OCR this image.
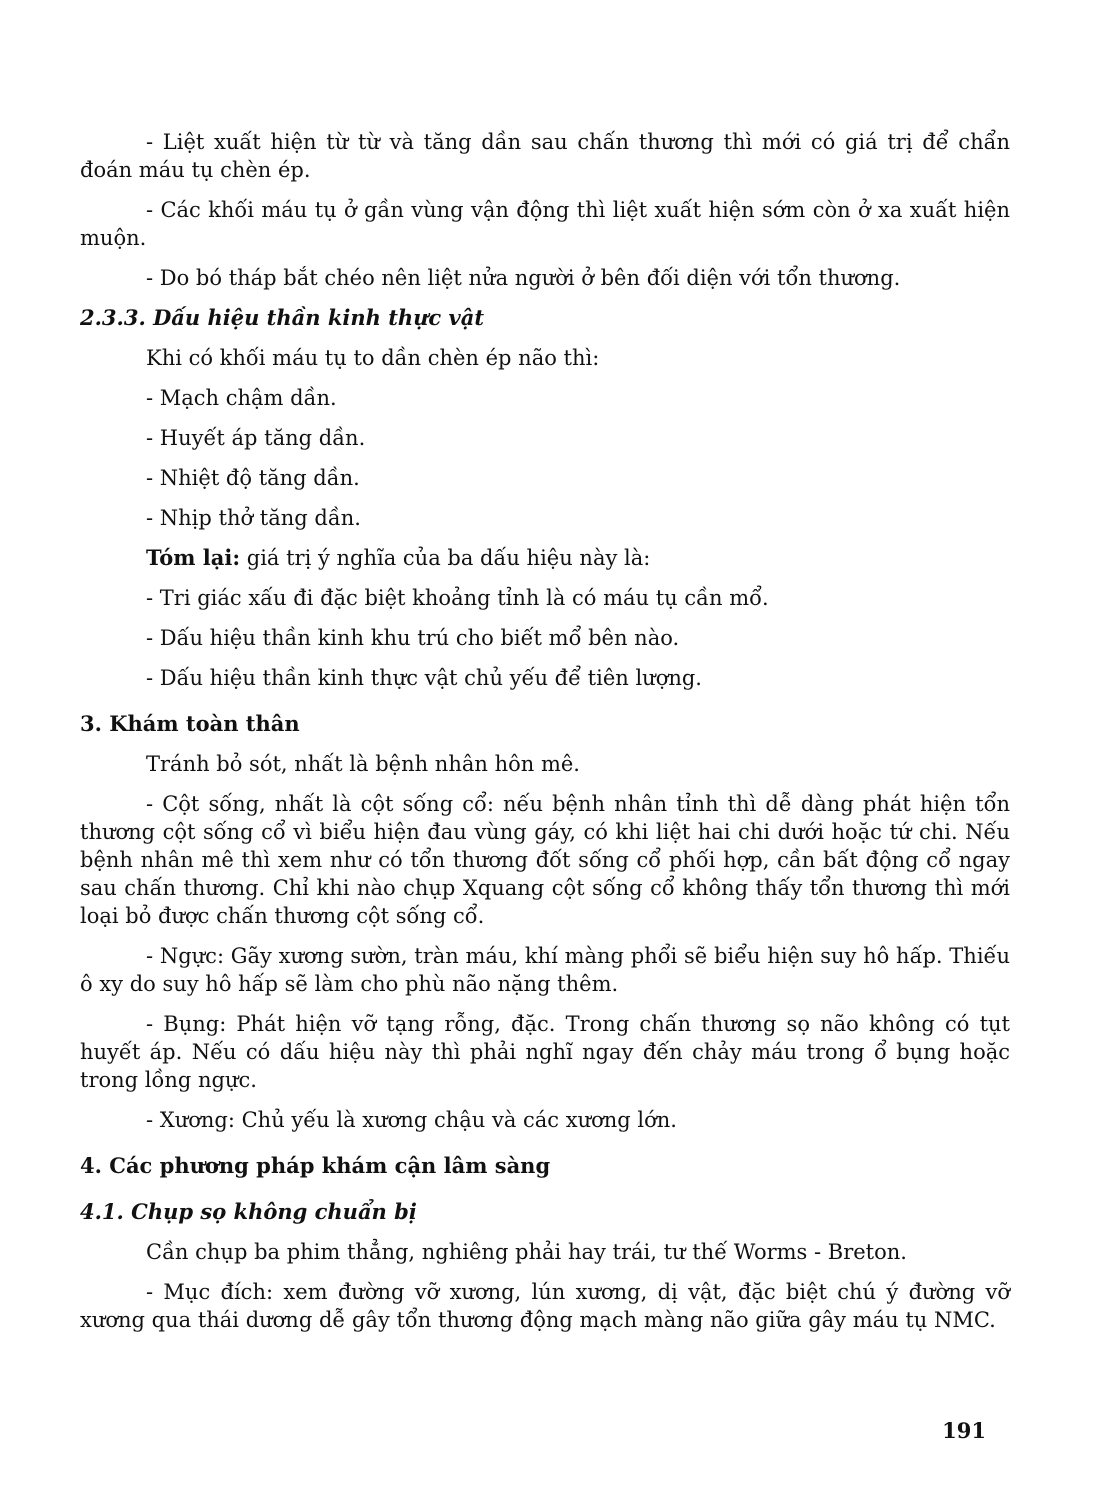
- Liệt xuất hiện từ từ và tăng dần sau chấn thương thì mới có giá trị để chẩn đoán máu tụ chèn ép.

- Các khối máu tụ ở gần vùng vận động thì liệt xuất hiện sớm còn ở xa xuất hiện muộn.

- Do bó tháp bắt chéo nên liệt nửa người ở bên đối diện với tổn thương.

2.3.3. Dấu hiệu thần kinh thực vật

Khi có khối máu tụ to dần chèn ép não thì:

- Mạch chậm dần.

- Huyết áp tăng dần.

- Nhiệt độ tăng dần.

- Nhịp thở tăng dần.

Tóm lại: giá trị ý nghĩa của ba dấu hiệu này là:

- Tri giác xấu đi đặc biệt khoảng tỉnh là có máu tụ cần mổ.

- Dấu hiệu thần kinh khu trú cho biết mổ bên nào.

- Dấu hiệu thần kinh thực vật chủ yếu để tiên lượng.

3. Khám toàn thân

Tránh bỏ sót, nhất là bệnh nhân hôn mê.

- Cột sống, nhất là cột sống cổ: nếu bệnh nhân tỉnh thì dễ dàng phát hiện tổn thương cột sống cổ vì biểu hiện đau vùng gáy, có khi liệt hai chi dưới hoặc tứ chi. Nếu bệnh nhân mê thì xem như có tổn thương đốt sống cổ phối hợp, cần bất động cổ ngay sau chấn thương. Chỉ khi nào chụp Xquang cột sống cổ không thấy tổn thương thì mới loại bỏ được chấn thương cột sống cổ.

- Ngực: Gãy xương sườn, tràn máu, khí màng phổi sẽ biểu hiện suy hô hấp. Thiếu ô xy do suy hô hấp sẽ làm cho phù não nặng thêm.

- Bụng: Phát hiện vỡ tạng rỗng, đặc. Trong chấn thương sọ não không có tụt huyết áp. Nếu có dấu hiệu này thì phải nghĩ ngay đến chảy máu trong ổ bụng hoặc trong lồng ngực.

- Xương: Chủ yếu là xương chậu và các xương lớn.

4. Các phương pháp khám cận lâm sàng

4.1. Chụp sọ không chuẩn bị

Cần chụp ba phim thẳng, nghiêng phải hay trái, tư thế Worms - Breton.

- Mục đích: xem đường vỡ xương, lún xương, dị vật, đặc biệt chú ý đường vỡ xương qua thái dương dễ gây tổn thương động mạch màng não giữa gây máu tụ NMC.

191
